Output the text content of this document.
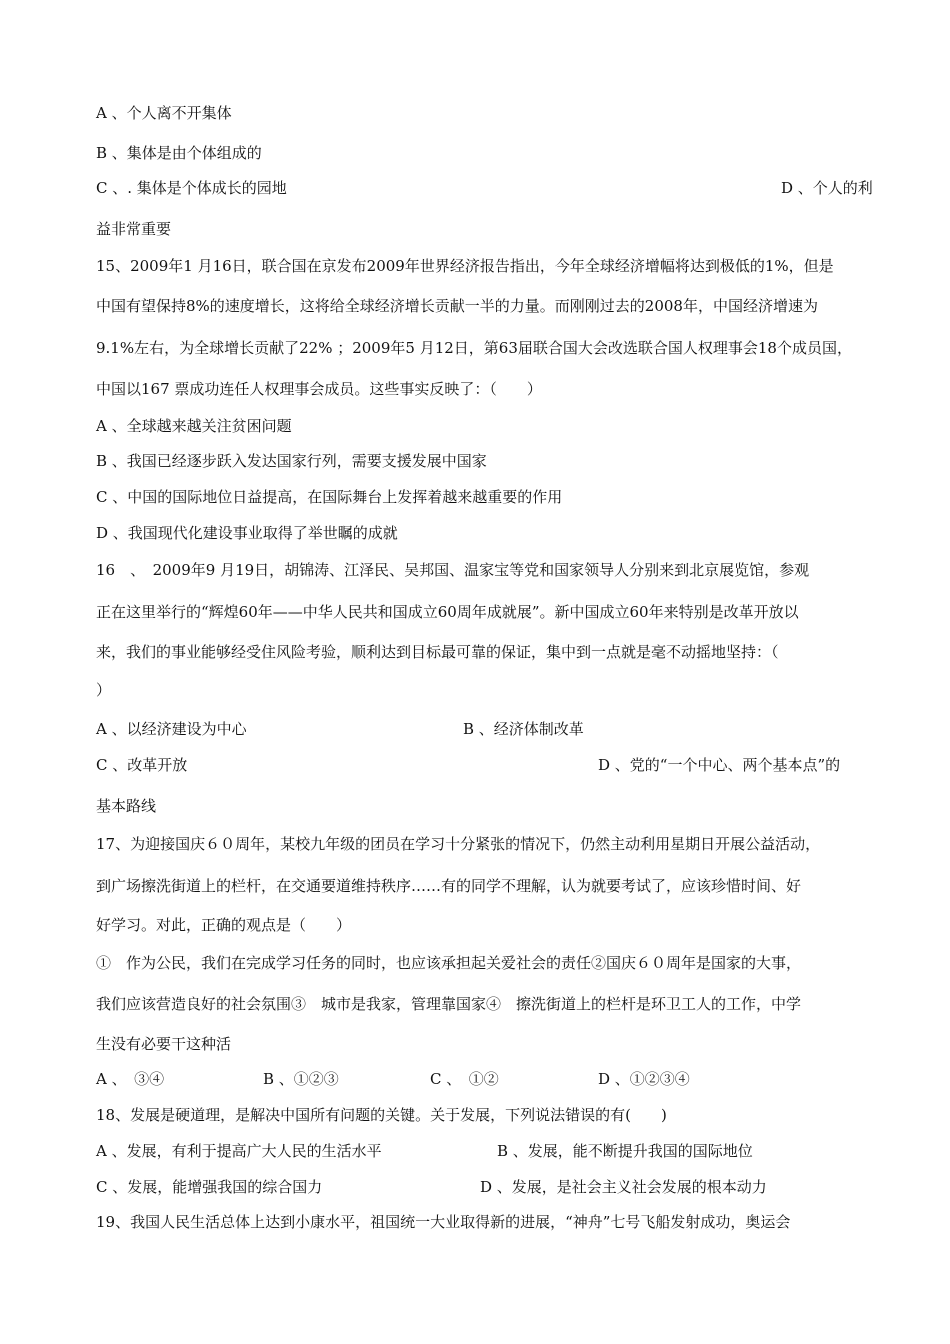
A 、个人离不开集体
B 、集体是由个体组成的
C 、. 集体是个体成长的园地	D 、个人的利
益非常重要
15、2009年1 月16日，联合国在京发布2009年世界经济报告指出，今年全球经济增幅将达到极低的1%，但是
中国有望保持8%的速度增长，这将给全球经济增长贡献一半的力量。而刚刚过去的2008年，中国经济增速为
9.1%左右，为全球增长贡献了22% ；2009年5 月12日，第63届联合国大会改选联合国人权理事会18个成员国，
中国以167 票成功连任人权理事会成员。这些事实反映了：（　　）
A 、全球越来越关注贫困问题
B 、我国已经逐步跃入发达国家行列，需要支援发展中国家
C 、中国的国际地位日益提高，在国际舞台上发挥着越来越重要的作用
D 、我国现代化建设事业取得了举世瞩的成就
16　、　2009年9 月19日，胡锦涛、江泽民、吴邦国、温家宝等党和国家领导人分别来到北京展览馆，参观
正在这里举行的“辉煌60年——中华人民共和国成立60周年成就展”。新中国成立60年来特别是改革开放以
来，我们的事业能够经受住风险考验，顺利达到目标最可靠的保证，集中到一点就是毫不动摇地坚持：（
）
A 、以经济建设为中心	B 、经济体制改革
C 、改革开放	D 、党的“一个中心、两个基本点”的
基本路线
17、为迎接国庆６０周年，某校九年级的团员在学习十分紧张的情况下，仍然主动利用星期日开展公益活动，
到广场擦洗街道上的栏杆，在交通要道维持秩序……有的同学不理解，认为就要考试了，应该珍惜时间、好
好学习。对此，正确的观点是（　　）
①　作为公民，我们在完成学习任务的同时，也应该承担起关爱社会的责任②国庆６０周年是国家的大事，
我们应该营造良好的社会氛围③　城市是我家，管理靠国家④　擦洗街道上的栏杆是环卫工人的工作，中学
生没有必要干这种活
A 、　③④	B 、①②③	C 、　①②	D 、①②③④
18、发展是硬道理，是解决中国所有问题的关键。关于发展，下列说法错误的有(　　)
A 、发展，有利于提高广大人民的生活水平	B 、发展，能不断提升我国的国际地位
C 、发展，能增强我国的综合国力	D 、发展，是社会主义社会发展的根本动力
19、我国人民生活总体上达到小康水平，祖国统一大业取得新的进展，“神舟”七号飞船发射成功，奥运会
